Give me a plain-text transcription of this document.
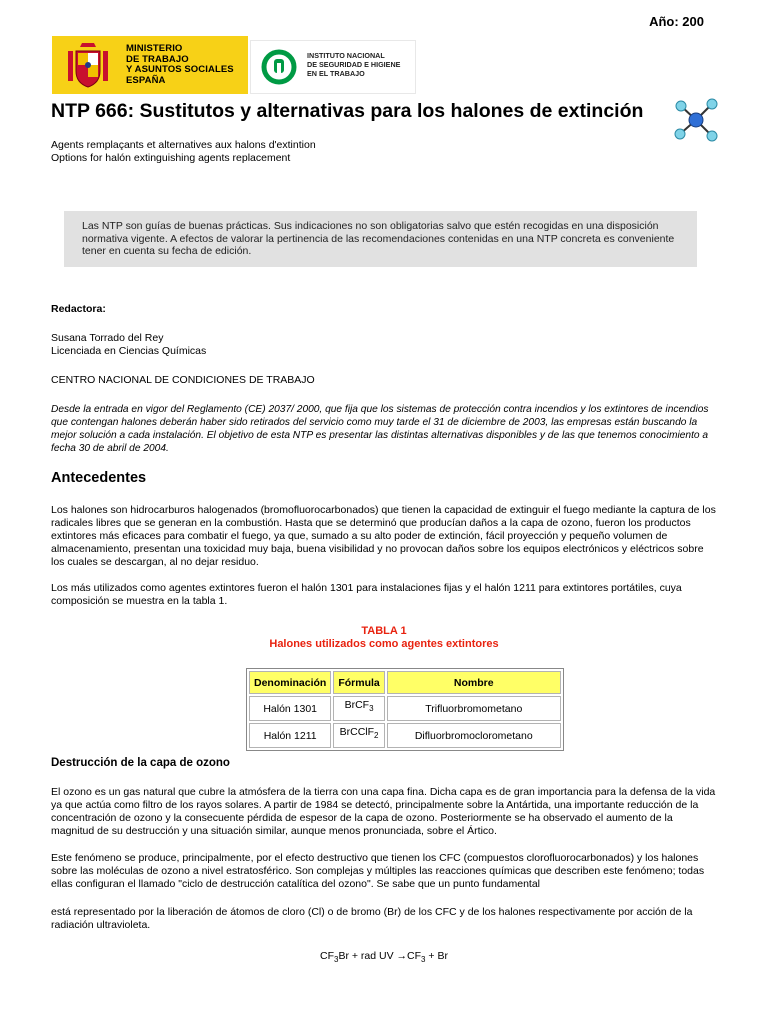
Año: 200
MINISTERIO
DE TRABAJO
Y ASUNTOS SOCIALES
ESPAÑA
INSTITUTO NACIONAL
DE SEGURIDAD E HIGIENE
EN EL TRABAJO
NTP 666: Sustitutos y alternativas para los halones de extinción
Agents remplaçants et alternatives aux halons d'extintion
Options for halón extinguishing agents replacement
Las NTP son guías de buenas prácticas. Sus indicaciones no son obligatorias salvo que estén recogidas en una disposición normativa vigente. A efectos de valorar la pertinencia de las recomendaciones contenidas en una NTP concreta es conveniente tener en cuenta su fecha de edición.
Redactora:
Susana Torrado del Rey
Licenciada en Ciencias Químicas
CENTRO NACIONAL DE CONDICIONES DE TRABAJO
Desde la entrada en vigor del Reglamento (CE) 2037/ 2000, que fija que los sistemas de protección contra incendios y los extintores de incendios que contengan halones deberán haber sido retirados del servicio como muy tarde el 31 de diciembre de 2003, las empresas están buscando la mejor solución a cada instalación. El objetivo de esta NTP es presentar las distintas alternativas disponibles y de las que tenemos conocimiento a fecha 30 de abril de 2004.
Antecedentes
Los halones son hidrocarburos halogenados (bromofluorocarbonados) que tienen la capacidad de extinguir el fuego mediante la captura de los radicales libres que se generan en la combustión. Hasta que se determinó que producían daños a la capa de ozono, fueron los productos extintores más eficaces para combatir el fuego, ya que, sumado a su alto poder de extinción, fácil proyección y pequeño volumen de almacenamiento, presentan una toxicidad muy baja, buena visibilidad y no provocan daños sobre los equipos electrónicos y eléctricos sobre los cuales se descargan, al no dejar residuo.
Los más utilizados como agentes extintores fueron el halón 1301 para instalaciones fijas y el halón 1211 para extintores portátiles, cuya composición se muestra en la tabla 1.
TABLA 1
Halones utilizados como agentes extintores
Denominación	Fórmula	Nombre
Halón 1301	BrCF$_3$	Trifluorbromometano
Halón 1211	BrCClF$_2$	Difluorbromoclorometano
Destrucción de la capa de ozono
El ozono es un gas natural que cubre la atmósfera de la tierra con una capa fina. Dicha capa es de gran importancia para la defensa de la vida ya que actúa como filtro de los rayos solares. A partir de 1984 se detectó, principalmente sobre la Antártida, una importante reducción de la concentración de ozono y la consecuente pérdida de espesor de la capa de ozono. Posteriormente se ha observado el aumento de la magnitud de su destrucción y una situación similar, aunque menos pronunciada, sobre el Ártico.
Este fenómeno se produce, principalmente, por el efecto destructivo que tienen los CFC (compuestos clorofluorocarbonados) y los halones sobre las moléculas de ozono a nivel estratosférico. Son complejas y múltiples las reacciones químicas que describen este fenómeno; todas ellas configuran el llamado "ciclo de destrucción catalítica del ozono". Se sabe que un punto fundamental
está representado por la liberación de átomos de cloro (Cl) o de bromo (Br) de los CFC y de los halones respectivamente por acción de la radiación ultravioleta.
$CF_3Br$ + rad UV $\to CF_3 + Br$
